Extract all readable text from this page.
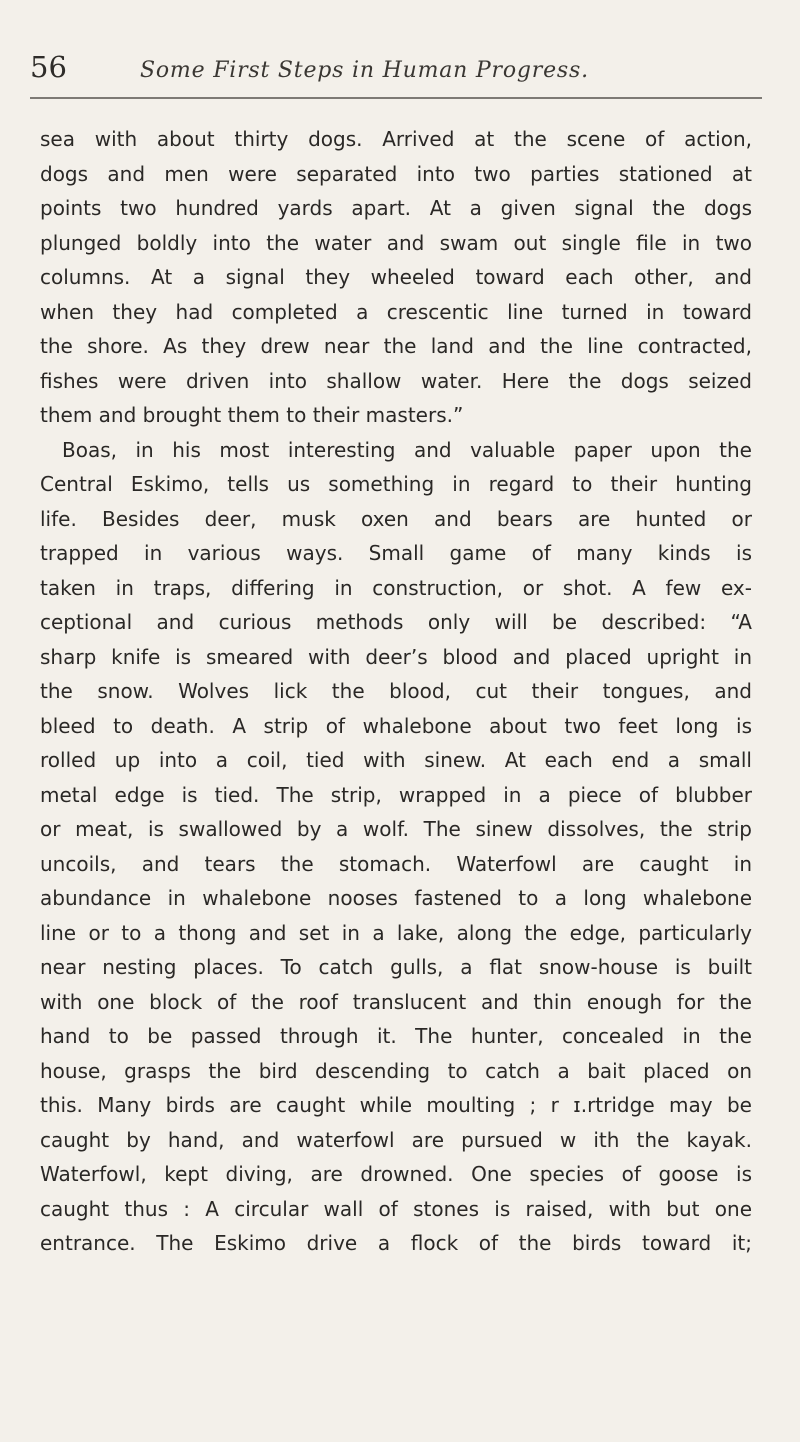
56	Some First Steps in Human Progress.
sea with about thirty dogs. Arrived at the scene of action,
dogs and men were separated into two parties stationed at
points two hundred yards apart. At a given signal the dogs
plunged boldly into the water and swam out single file in two
columns. At a signal they wheeled toward each other, and
when they had completed a crescentic line turned in toward
the shore. As they drew near the land and the line contracted,
fishes were driven into shallow water. Here the dogs seized
them and brought them to their masters.”
Boas, in his most interesting and valuable paper upon the
Central Eskimo, tells us something in regard to their hunting
life. Besides deer, musk oxen and bears are hunted or
trapped in various ways. Small game of many kinds is
taken in traps, differing in construction, or shot. A few ex-
ceptional and curious methods only will be described: “A
sharp knife is smeared with deer’s blood and placed upright in
the snow. Wolves lick the blood, cut their tongues, and
bleed to death. A strip of whalebone about two feet long is
rolled up into a coil, tied with sinew. At each end a small
metal edge is tied. The strip, wrapped in a piece of blubber
or meat, is swallowed by a wolf. The sinew dissolves, the strip
uncoils, and tears the stomach. Waterfowl are caught in
abundance in whalebone nooses fastened to a long whalebone
line or to a thong and set in a lake, along the edge, particularly
near nesting places. To catch gulls, a flat snow-house is built
with one block of the roof translucent and thin enough for the
hand to be passed through it. The hunter, concealed in the
house, grasps the bird descending to catch a bait placed on
this. Many birds are caught while moulting ; r ɪ.rtridge may be
caught by hand, and waterfowl are pursued w ith the kayak.
Waterfowl, kept diving, are drowned. One species of goose is
caught thus : A circular wall of stones is raised, with but one
entrance. The Eskimo drive a flock of the birds toward it;
